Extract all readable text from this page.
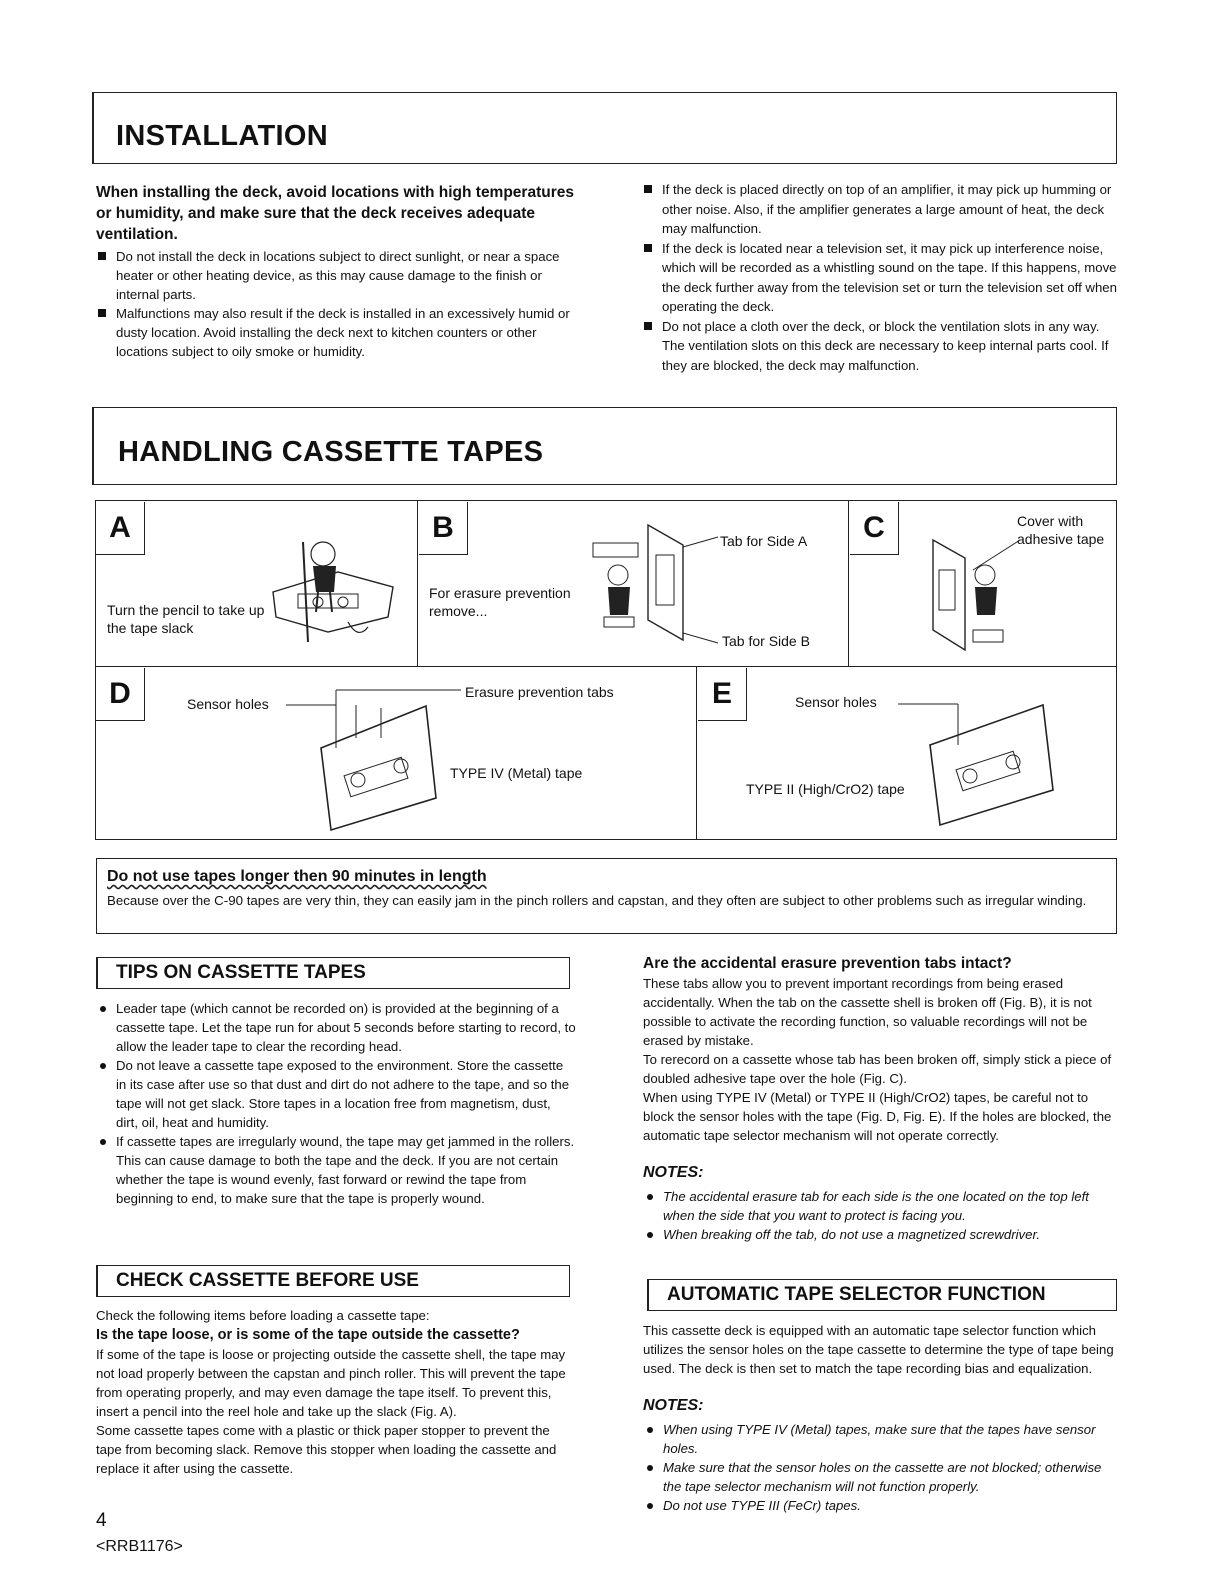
INSTALLATION
When installing the deck, avoid locations with high temperatures or humidity, and make sure that the deck receives adequate ventilation.

Do not install the deck in locations subject to direct sunlight, or near a space heater or other heating device, as this may cause damage to the finish or internal parts.

Malfunctions may also result if the deck is installed in an excessively humid or dusty location. Avoid installing the deck next to kitchen counters or other locations subject to oily smoke or humidity.

If the deck is placed directly on top of an amplifier, it may pick up humming or other noise. Also, if the amplifier generates a large amount of heat, the deck may malfunction.

If the deck is located near a television set, it may pick up interference noise, which will be recorded as a whistling sound on the tape. If this happens, move the deck further away from the television set or turn the television set off when operating the deck.

Do not place a cloth over the deck, or block the ventilation slots in any way. The ventilation slots on this deck are necessary to keep internal parts cool. If they are blocked, the deck may malfunction.

HANDLING CASSETTE TAPES
A
Turn the pencil to take up the tape slack
B
For erasure prevention remove...
Tab for Side A
Tab for Side B
C	Cover with adhesive tape
D	Sensor holes
Erasure prevention tabs
TYPE IV (Metal) tape
E	Sensor holes
TYPE II (High/CrO2) tape
Do not use tapes longer then 90 minutes in length
Because over the C-90 tapes are very thin, they can easily jam in the pinch rollers and capstan, and they often are subject to other problems such as irregular winding.
TIPS ON CASSETTE TAPES

Leader tape (which cannot be recorded on) is provided at the beginning of a cassette tape. Let the tape run for about 5 seconds before starting to record, to allow the leader tape to clear the recording head.

Do not leave a cassette tape exposed to the environment. Store the cassette in its case after use so that dust and dirt do not adhere to the tape, and so the tape will not get slack. Store tapes in a location free from magnetism, dust, dirt, oil, heat and humidity.

If cassette tapes are irregularly wound, the tape may get jammed in the rollers. This can cause damage to both the tape and the deck. If you are not certain whether the tape is wound evenly, fast forward or rewind the tape from beginning to end, to make sure that the tape is properly wound.

CHECK CASSETTE BEFORE USE
Check the following items before loading a cassette tape:
Is the tape loose, or is some of the tape outside the cassette?
If some of the tape is loose or projecting outside the cassette shell, the tape may not load properly between the capstan and pinch roller. This will prevent the tape from operating properly, and may even damage the tape itself. To prevent this, insert a pencil into the reel hole and take up the slack (Fig. A).
Some cassette tapes come with a plastic or thick paper stopper to prevent the tape from becoming slack. Remove this stopper when loading the cassette and replace it after using the cassette.
4
<RRB1176>
Are the accidental erasure prevention tabs intact?
These tabs allow you to prevent important recordings from being erased accidentally. When the tab on the cassette shell is broken off (Fig. B), it is not possible to activate the recording function, so valuable recordings will not be erased by mistake.
To rerecord on a cassette whose tab has been broken off, simply stick a piece of doubled adhesive tape over the hole (Fig. C).
When using TYPE IV (Metal) or TYPE II (High/CrO2) tapes, be careful not to block the sensor holes with the tape (Fig. D, Fig. E). If the holes are blocked, the automatic tape selector mechanism will not operate correctly.
NOTES:

The accidental erasure tab for each side is the one located on the top left when the side that you want to protect is facing you.

When breaking off the tab, do not use a magnetized screwdriver.

AUTOMATIC TAPE SELECTOR FUNCTION
This cassette deck is equipped with an automatic tape selector function which utilizes the sensor holes on the tape cassette to determine the type of tape being used. The deck is then set to match the tape recording bias and equalization.
NOTES:

When using TYPE IV (Metal) tapes, make sure that the tapes have sensor holes.

Make sure that the sensor holes on the cassette are not blocked; otherwise the tape selector mechanism will not function properly.

Do not use TYPE III (FeCr) tapes.
